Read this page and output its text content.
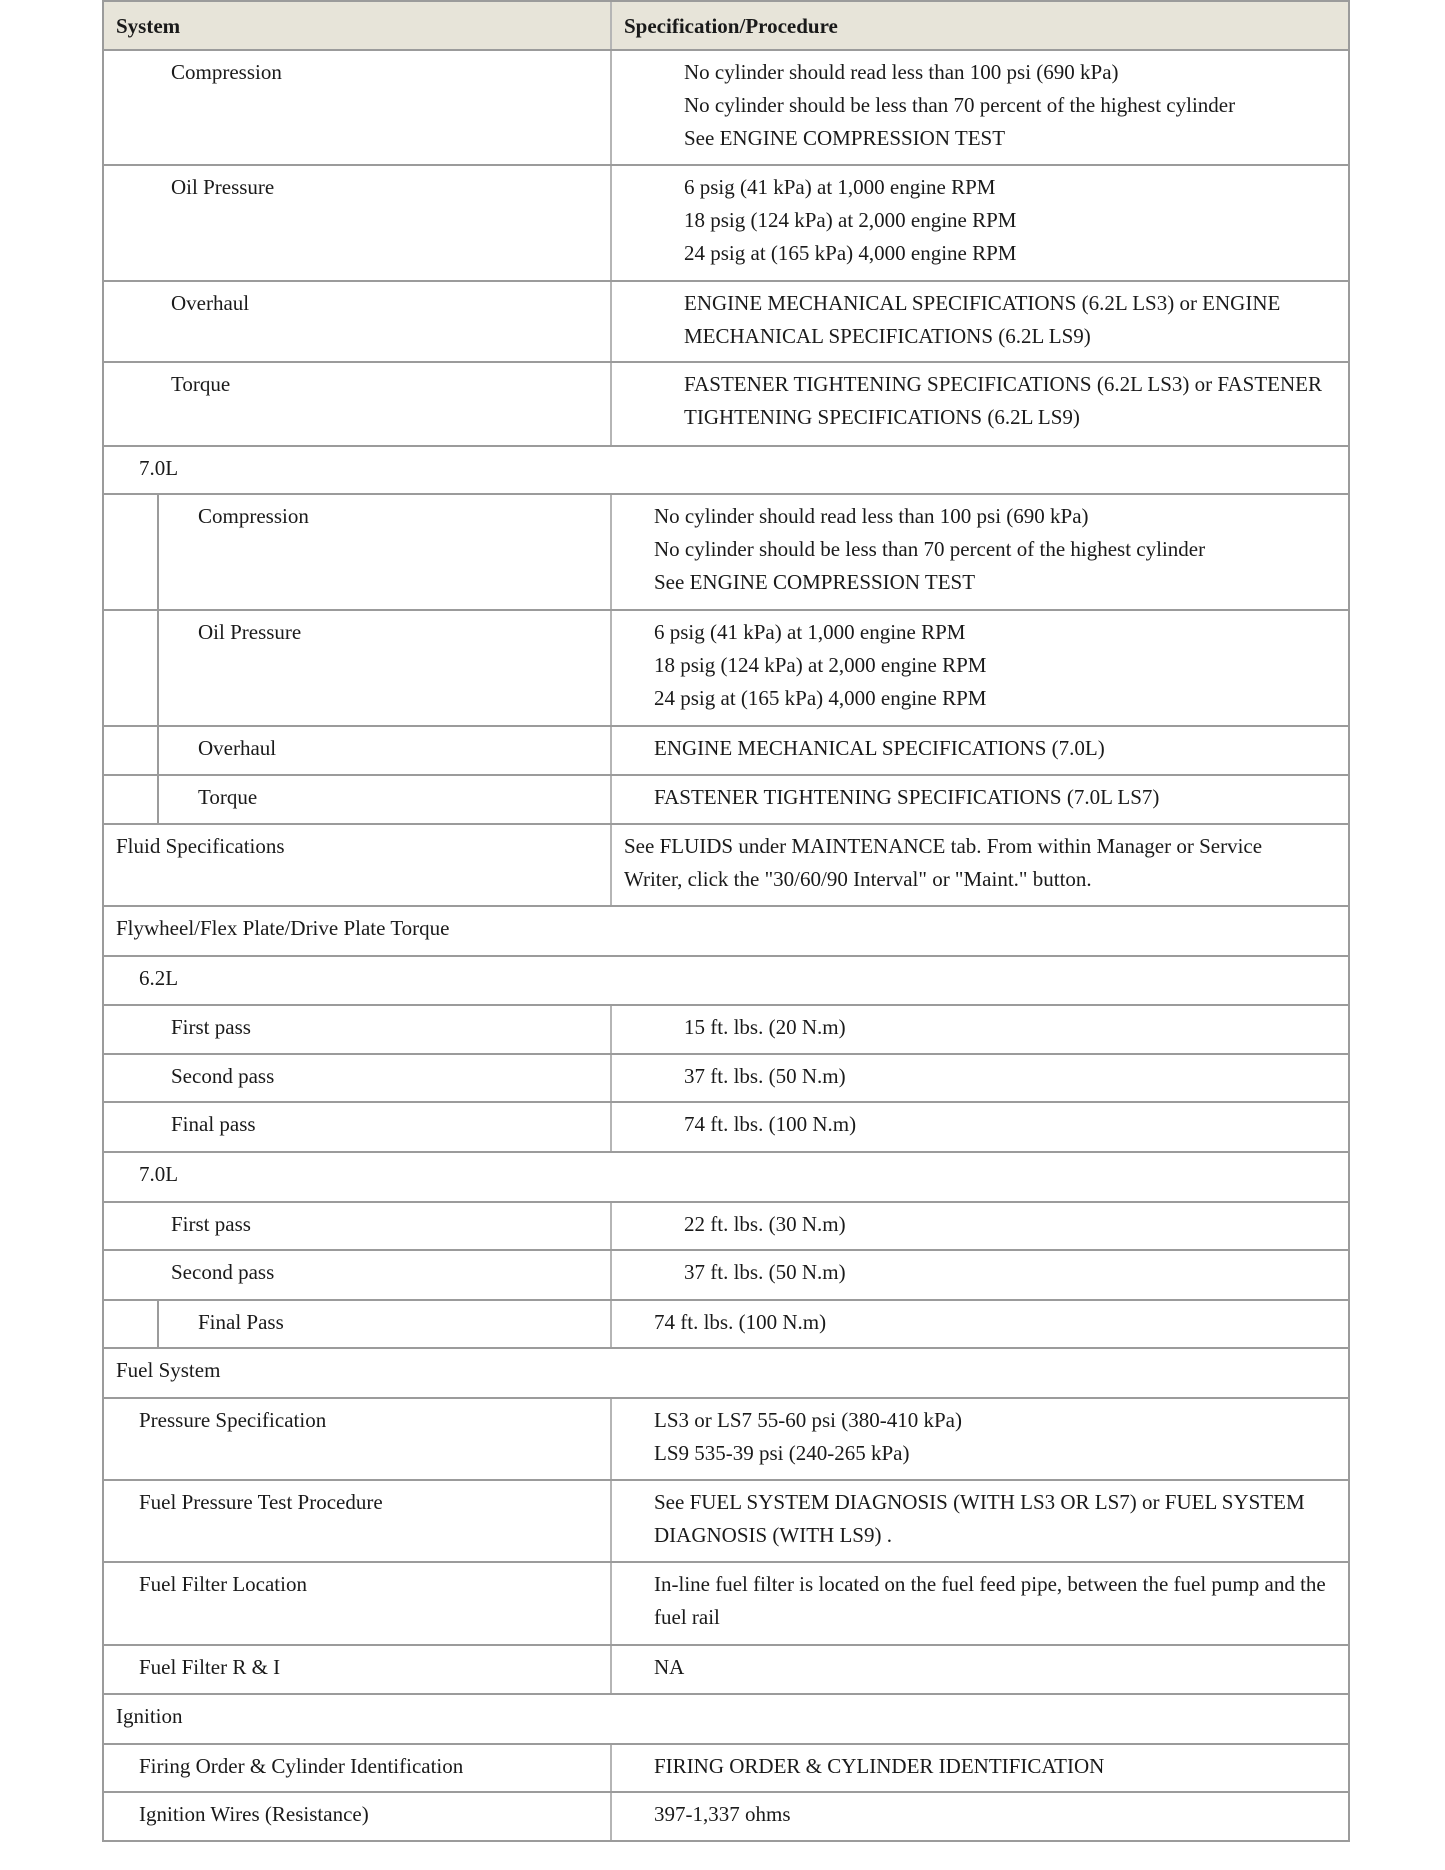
System	Specification/Procedure
Compression	No cylinder should read less than 100 psi (690 kPa)
No cylinder should be less than 70 percent of the highest cylinder
See ENGINE COMPRESSION TEST
Oil Pressure	6 psig (41 kPa) at 1,000 engine RPM
18 psig (124 kPa) at 2,000 engine RPM
24 psig at (165 kPa) 4,000 engine RPM
Overhaul	ENGINE MECHANICAL SPECIFICATIONS (6.2L LS3) or ENGINE
MECHANICAL SPECIFICATIONS (6.2L LS9)
Torque	FASTENER TIGHTENING SPECIFICATIONS (6.2L LS3) or FASTENER
TIGHTENING SPECIFICATIONS (6.2L LS9)
7.0L
Compression	No cylinder should read less than 100 psi (690 kPa)
No cylinder should be less than 70 percent of the highest cylinder
See ENGINE COMPRESSION TEST
Oil Pressure	6 psig (41 kPa) at 1,000 engine RPM
18 psig (124 kPa) at 2,000 engine RPM
24 psig at (165 kPa) 4,000 engine RPM
Overhaul	ENGINE MECHANICAL SPECIFICATIONS (7.0L)
Torque	FASTENER TIGHTENING SPECIFICATIONS (7.0L LS7)
Fluid Specifications	See FLUIDS under MAINTENANCE tab. From within Manager or Service
Writer, click the "30/60/90 Interval" or "Maint." button.
Flywheel/Flex Plate/Drive Plate Torque
6.2L
First pass	15 ft. lbs. (20 N.m)
Second pass	37 ft. lbs. (50 N.m)
Final pass	74 ft. lbs. (100 N.m)
7.0L
First pass	22 ft. lbs. (30 N.m)
Second pass	37 ft. lbs. (50 N.m)
Final Pass	74 ft. lbs. (100 N.m)
Fuel System
Pressure Specification	LS3 or LS7 55-60 psi (380-410 kPa)
LS9 535-39 psi (240-265 kPa)
Fuel Pressure Test Procedure	See FUEL SYSTEM DIAGNOSIS (WITH LS3 OR LS7) or FUEL SYSTEM
DIAGNOSIS (WITH LS9) .
Fuel Filter Location	In-line fuel filter is located on the fuel feed pipe, between the fuel pump and the
fuel rail
Fuel Filter R & I	NA
Ignition
Firing Order & Cylinder Identification	FIRING ORDER & CYLINDER IDENTIFICATION
Ignition Wires (Resistance)	397-1,337 ohms
